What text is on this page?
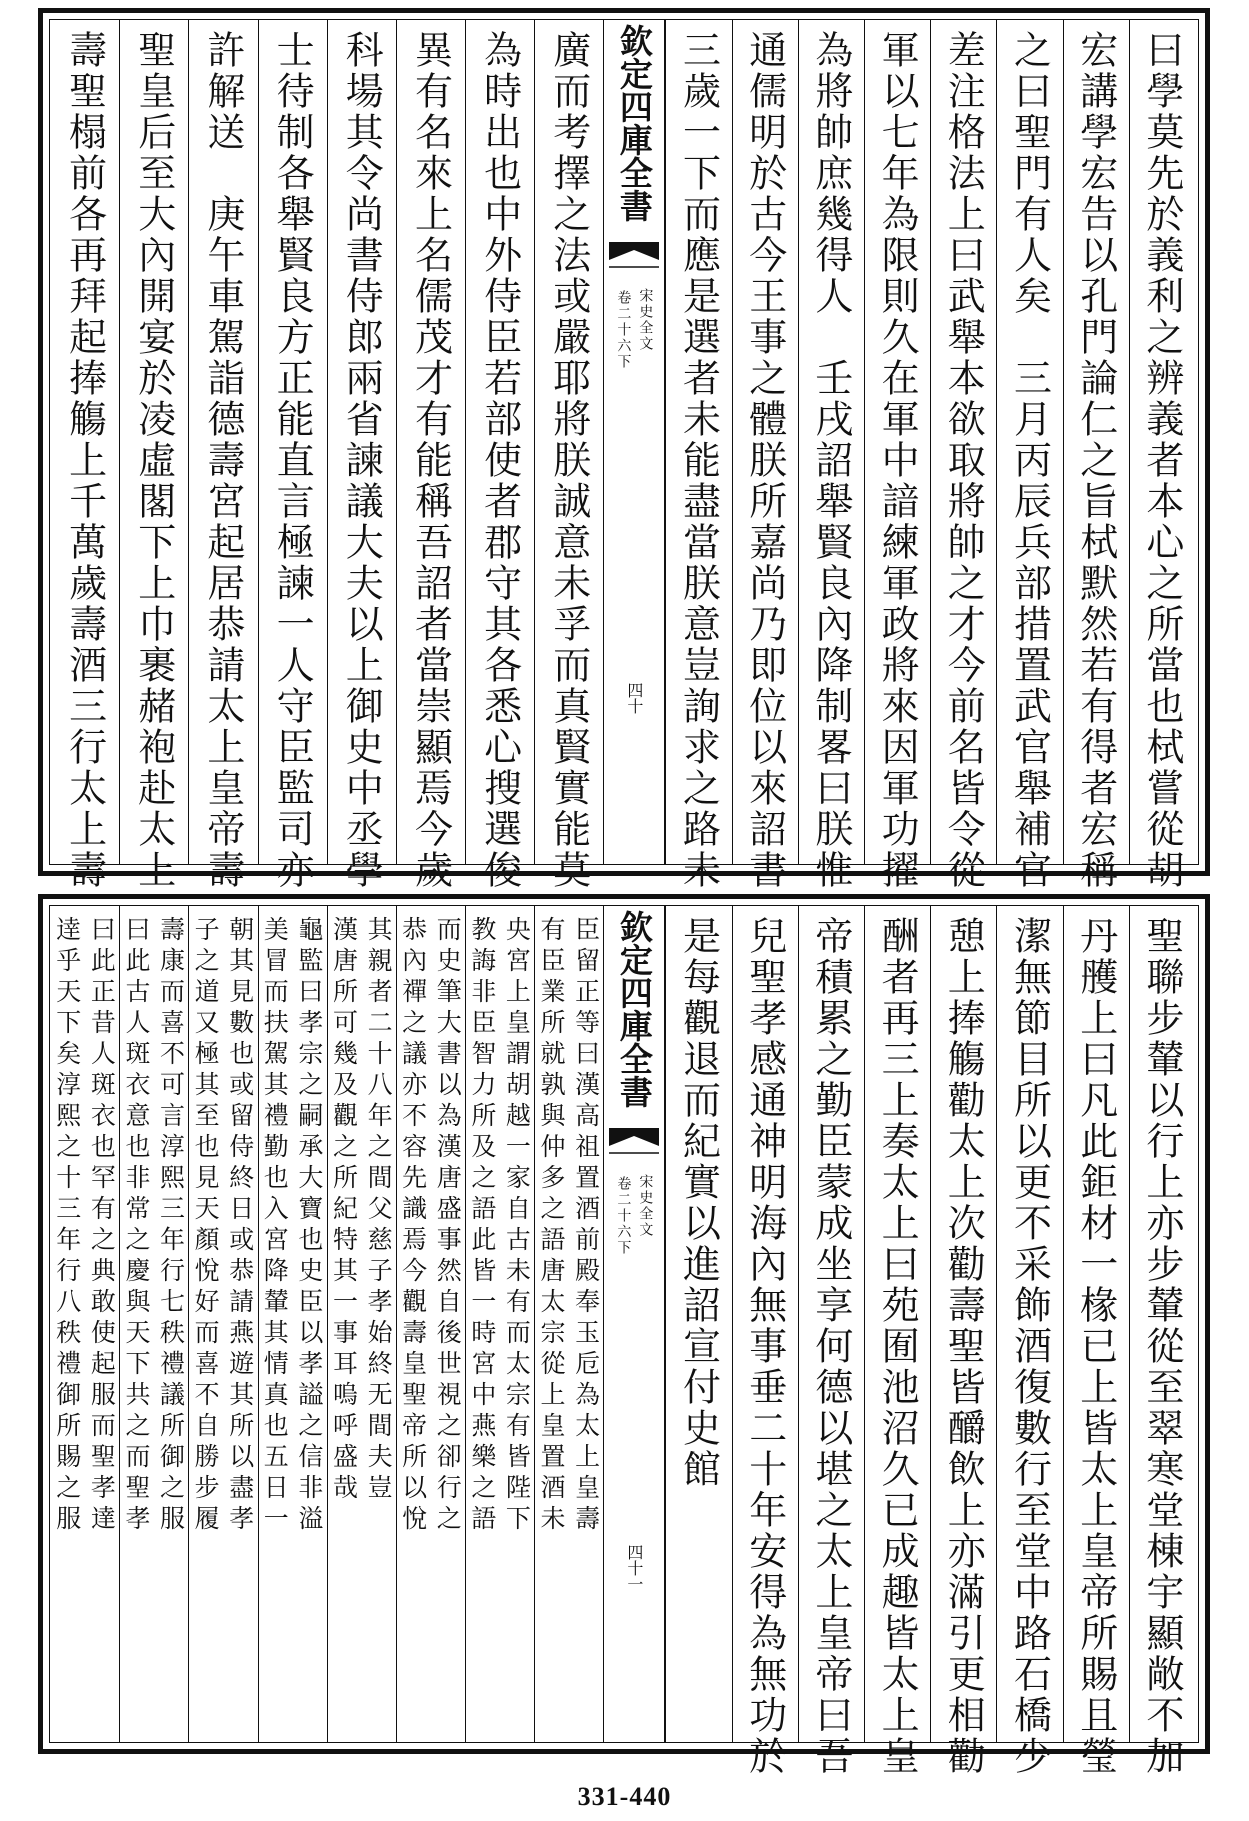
曰學莫先於義利之辨義者本心之所當也栻嘗從胡
宏講學宏告以孔門論仁之旨栻默然若有得者宏稱
之曰聖門有人矣　三月丙辰兵部措置武官舉補官
差注格法上曰武舉本欲取將帥之才今前名皆令從
軍以七年為限則久在軍中諳練軍政將來因軍功擢
為將帥庶幾得人　壬戌詔舉賢良內降制畧曰朕惟
通儒明於古今王事之體朕所嘉尚乃即位以來詔書
三歲一下而應是選者未能盡當朕意豈詢求之路未
欽定四庫全書
宋史全文
卷二十六下
四十
廣而考擇之法或嚴耶將朕誠意未孚而真賢實能莫
為時出也中外侍臣若部使者郡守其各悉心搜選俊
異有名來上名儒茂才有能稱吾詔者當崇顯焉今歲
科場其令尚書侍郎兩省諫議大夫以上御史中丞學
士待制各舉賢良方正能直言極諫一人守臣監司亦
許解送　庚午車駕詣德壽宮起居恭請太上皇帝壽
聖皇后至大內開宴於凌虛閣下上巾裹赭袍赴太上
壽聖榻前各再拜起捧觴上千萬歲壽酒三行太上壽
聖聯步輦以行上亦步輦從至翠寒堂棟宇顯敞不加
丹雘上曰凡此鉅材一椽已上皆太上皇帝所賜且瑩
潔無節目所以更不采飾酒復數行至堂中路石橋少
憩上捧觴勸太上次勸壽聖皆釂飲上亦滿引更相勸
酬者再三上奏太上曰苑囿池沼久已成趣皆太上皇
帝積累之勤臣蒙成坐享何德以堪之太上皇帝曰吾
兒聖孝感通神明海內無事垂二十年安得為無功於
是每觀退而紀實以進詔宣付史館
欽定四庫全書
宋史全文
卷二十六下
四十一
臣留正等曰漢高祖置酒前殿奉玉卮為太上皇壽
有臣業所就孰與仲多之語唐太宗從上皇置酒未
央宮上皇謂胡越一家自古未有而太宗有皆陛下
教誨非臣智力所及之語此皆一時宮中燕樂之語
而史筆大書以為漢唐盛事然自後世視之卻行之
恭內禪之議亦不容先識焉今觀壽皇聖帝所以悅
其親者二十八年之間父慈子孝始終无間夫豈
漢唐所可幾及觀之所紀特其一事耳嗚呼盛哉
龜監曰孝宗之嗣承大寶也史臣以孝謚之信非溢
美冒而扶駕其禮勤也入宮降輦其情真也五日一
朝其見數也或留侍終日或恭請燕遊其所以盡孝
子之道又極其至也見天顏悅好而喜不自勝步履
壽康而喜不可言淳熙三年行七秩禮議所御之服
曰此古人斑衣意也非常之慶與天下共之而聖孝
曰此正昔人斑衣也罕有之典敢使起服而聖孝達
逹乎天下矣淳熙之十三年行八秩禮御所賜之服
331-440
